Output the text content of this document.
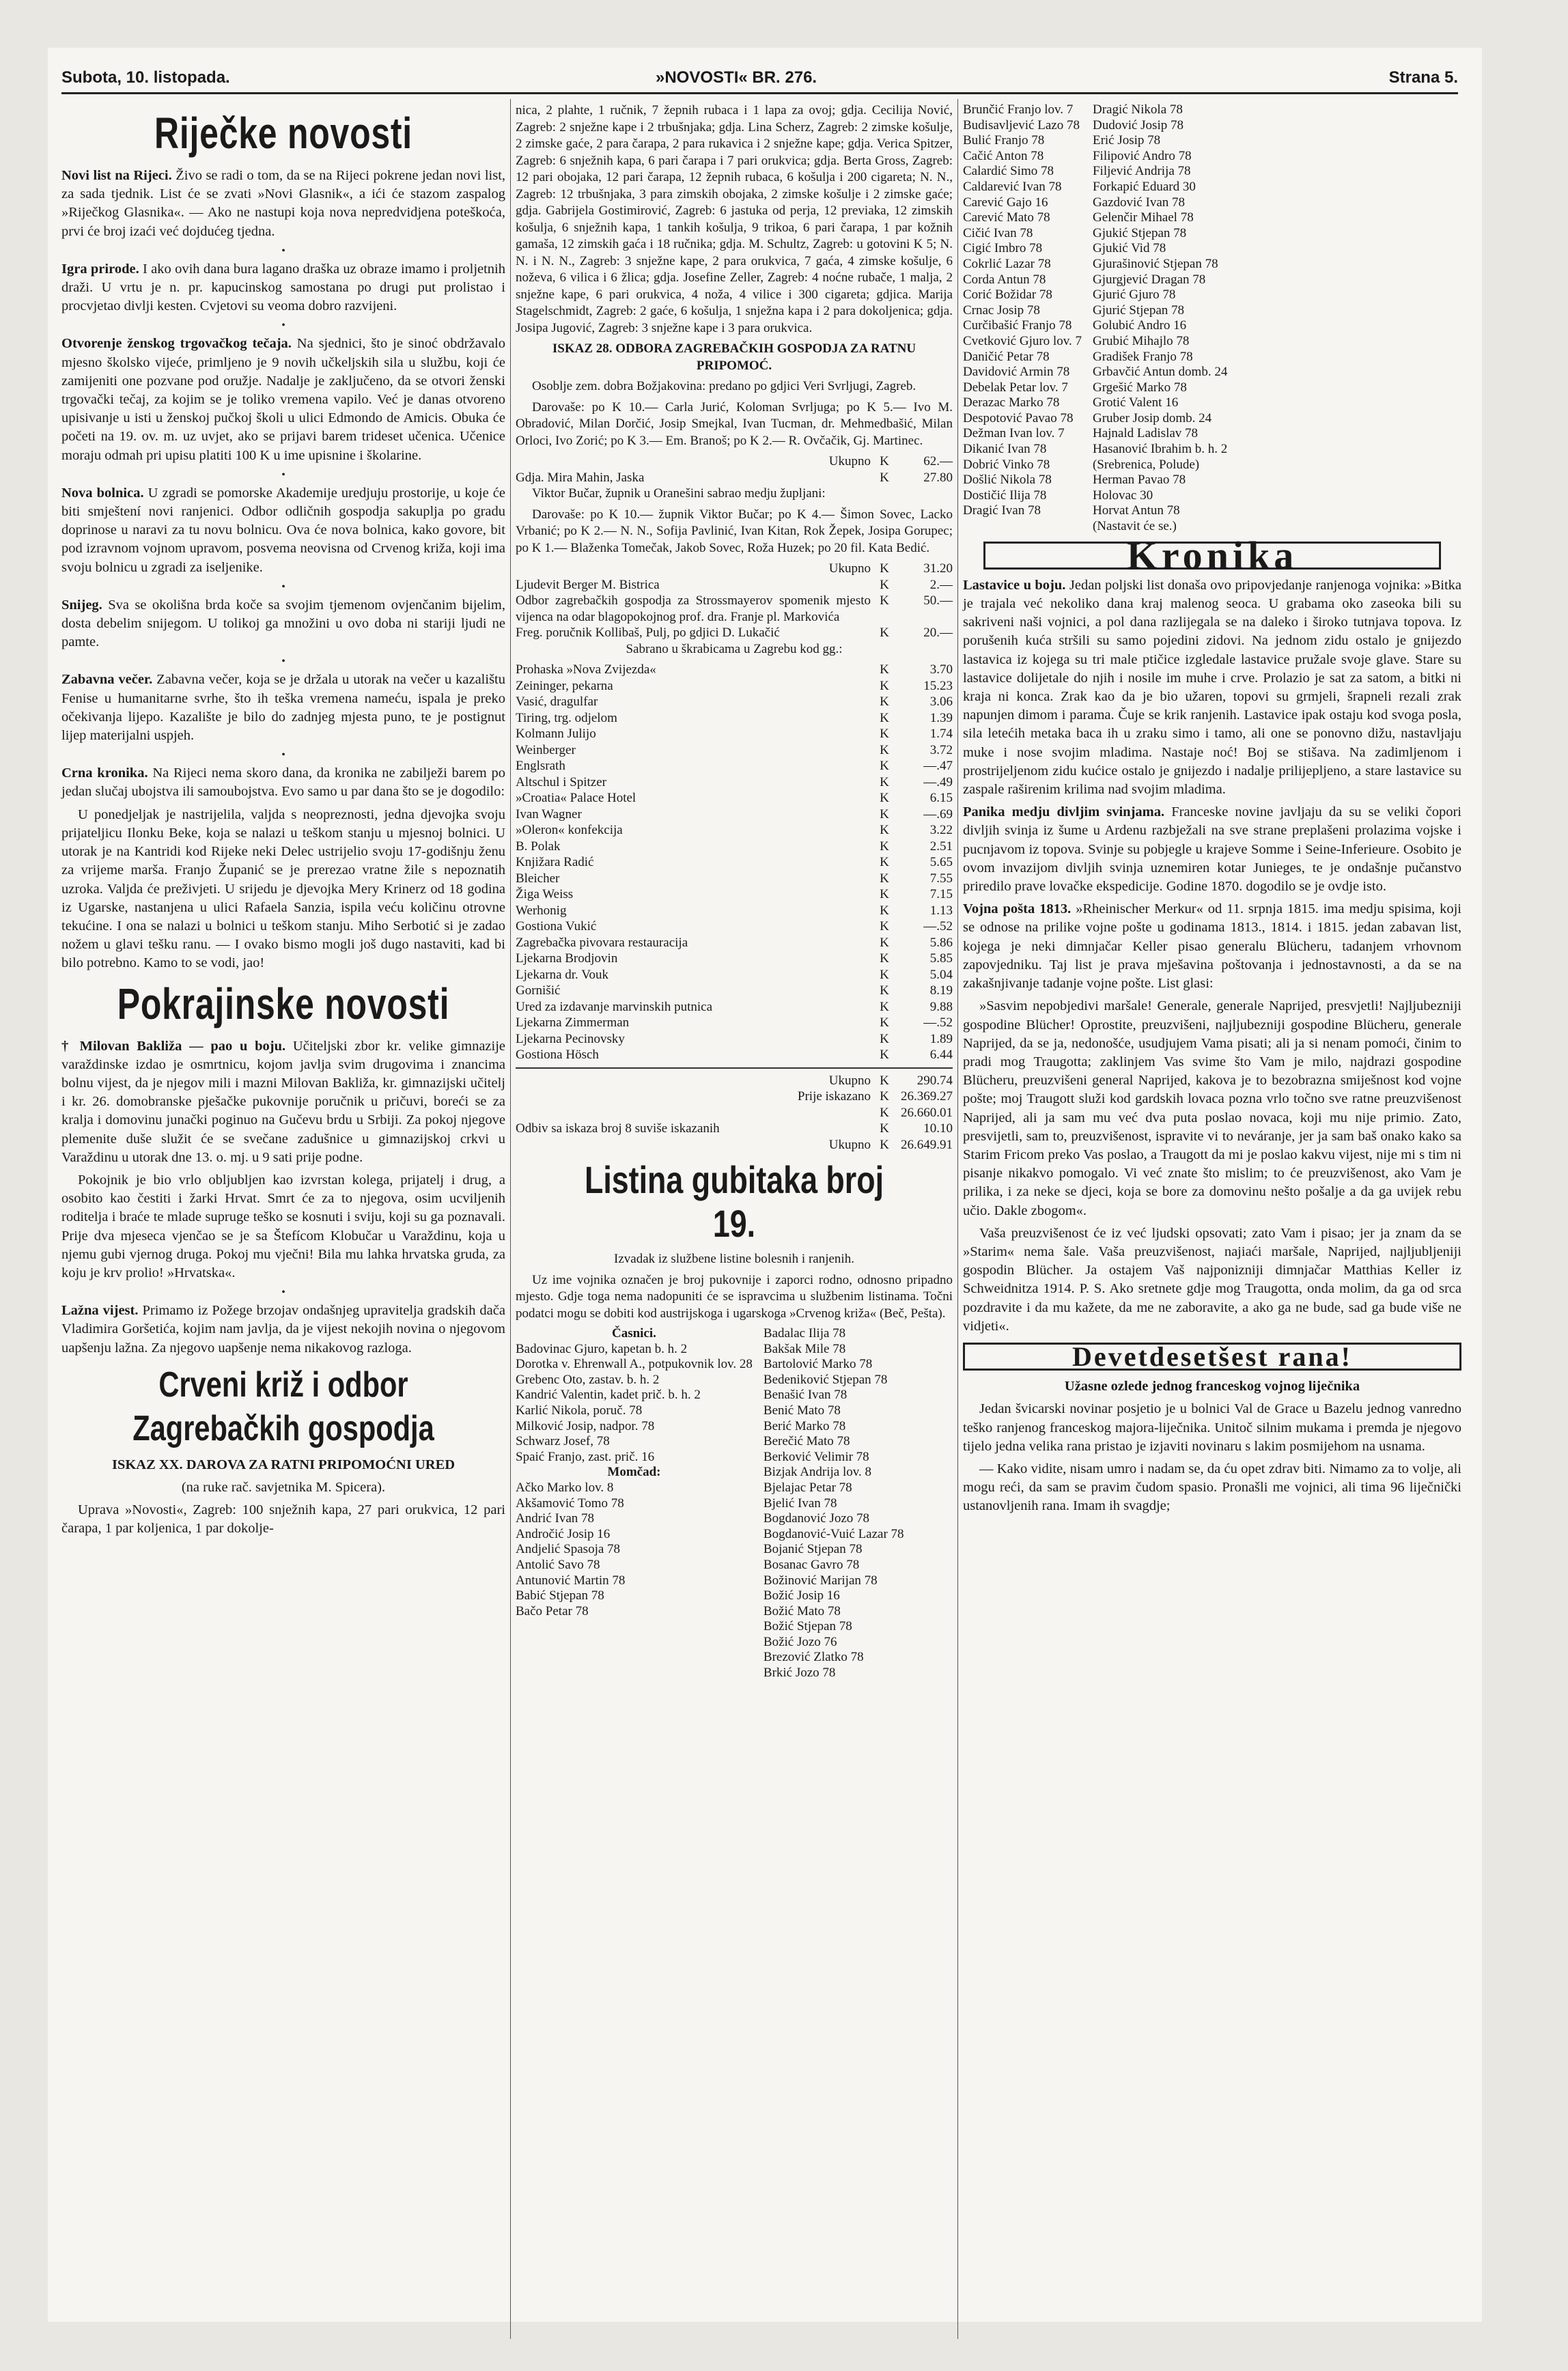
Subota, 10. listopada.	»NOVOSTI« BR. 276.	Strana 5.
Riječke novosti

Novi list na Rijeci. Živo se radi o tom, da se na Rijeci pokrene jedan novi list, za sada tjednik. List će se zvati »Novi Glasnik«, a ići će stazom zaspalog »Riječkog Glasnika«. — Ako ne nastupi koja nova nepredvidjena poteškoća, prvi će broj izaći već dojdućeg tjedna.

•

Igra prirode. I ako ovih dana bura lagano draška uz obraze imamo i proljetnih draži. U vrtu je n. pr. kapucinskog samostana po drugi put prolistao i procvjetao divlji kesten. Cvjetovi su veoma dobro razvijeni.

•

Otvorenje ženskog trgovačkog tečaja. Na sjednici, što je sinoć obdržavalo mjesno školsko vijeće, primljeno je 9 novih učkeljskih sila u službu, koji će zamijeniti one pozvane pod oružje. Nadalje je zaključeno, da se otvori ženski trgovački tečaj, za kojim se je toliko vremena vapilo. Već je danas otvoreno upisivanje u isti u ženskoj pučkoj školi u ulici Edmondo de Amicis. Obuka će početi na 19. ov. m. uz uvjet, ako se prijavi barem trideset učenica. Učenice moraju odmah pri upisu platiti 100 K u ime upisnine i školarine.

•

Nova bolnica. U zgradi se pomorske Akademije uredjuju prostorije, u koje će biti smještení novi ranjenici. Odbor odličnih gospodja sakuplja po gradu doprinose u naravi za tu novu bolnicu. Ova će nova bolnica, kako govore, bit pod izravnom vojnom upravom, posvema neovisna od Crvenog križa, koji ima svoju bolnicu u zgradi za iseljenike.

•

Snijeg. Sva se okolišna brda koče sa svojim tjemenom ovjenčanim bijelim, dosta debelim snijegom. U tolikoj ga množini u ovo doba ni stariji ljudi ne pamte.

•

Zabavna večer. Zabavna večer, koja se je držala u utorak na večer u kazalištu Fenise u humanitarne svrhe, što ih teška vremena nameću, ispala je preko očekivanja lijepo. Kazalište je bilo do zadnjeg mjesta puno, te je postignut lijep materijalni uspjeh.

•

Crna kronika. Na Rijeci nema skoro dana, da kronika ne zabilježi barem po jedan slučaj ubojstva ili samoubojstva. Evo samo u par dana što se je dogodilo:

U ponedjeljak je nastrijelila, valjda s neopreznosti, jedna djevojka svoju prijateljicu Ilonku Beke, koja se nalazi u teškom stanju u mjesnoj bolnici. U utorak je na Kantridi kod Rijeke neki Delec ustrijelio svoju 17-godišnju ženu za vrijeme marša. Franjo Županić se je prerezao vratne žile s nepoznatih uzroka. Valjda će preživjeti. U srijedu je djevojka Mery Krinerz od 18 godina iz Ugarske, nastanjena u ulici Rafaela Sanzia, ispila veću količinu otrovne tekućine. I ona se nalazi u bolnici u teškom stanju. Miho Serbotić si je zadao nožem u glavi tešku ranu. — I ovako bismo mogli još dugo nastaviti, kad bi bilo potrebno. Kamo to se vodi, jao!

Pokrajinske novosti

† Milovan Bakliža — pao u boju. Učiteljski zbor kr. velike gimnazije varaždinske izdao je osmrtnicu, kojom javlja svim drugovima i znancima bolnu vijest, da je njegov mili i mazni Milovan Bakliža, kr. gimnazijski učitelj i kr. 26. domobranske pješačke pukovnije poručnik u pričuvi, boreći se za kralja i domovinu junački poginuo na Gučevu brdu u Srbiji. Za pokoj njegove plemenite duše služit će se svečane zadušnice u gimnazijskoj crkvi u Varaždinu u utorak dne 13. o. mj. u 9 sati prije podne.

Pokojnik je bio vrlo obljubljen kao izvrstan kolega, prijatelj i drug, a osobito kao čestiti i žarki Hrvat. Smrt će za to njegova, osim ucviljenih roditelja i braće te mlade supruge teško se kosnuti i sviju, koji su ga poznavali. Prije dva mjeseca vjenčao se je sa Štefícom Klobučar u Varaždinu, koja u njemu gubi vjernog druga. Pokoj mu vječni! Bila mu lahka hrvatska gruda, za koju je krv prolio! »Hrvatska«.

•

Lažna vijest. Primamo iz Požege brzojav ondašnjeg upravitelja gradskih dača Vladimira Goršetića, kojim nam javlja, da je vijest nekojih novina o njegovom uapšenju lažna. Za njegovo uapšenje nema nikakovog razloga.

Crveni križ i odbor Zagrebačkih gospodja

ISKAZ XX. DAROVA ZA RATNI PRIPOMOĆNI URED

(na ruke rač. savjetnika M. Spicera).

Uprava »Novosti«, Zagreb: 100 snježnih kapa, 27 pari orukvica, 12 pari čarapa, 1 par koljenica, 1 par dokolje-

nica, 2 plahte, 1 ručnik, 7 žepnih rubaca i 1 lapa za ovoj; gdja. Cecilija Nović, Zagreb: 2 snježne kape i 2 trbušnjaka; gdja. Lina Scherz, Zagreb: 2 zimske košulje, 2 zimske gaće, 2 para čarapa, 2 para rukavica i 2 snježne kape; gdja. Verica Spitzer, Zagreb: 6 snježnih kapa, 6 pari čarapa i 7 pari orukvica; gdja. Berta Gross, Zagreb: 12 pari obojaka, 12 pari čarapa, 12 žepnih rubaca, 6 košulja i 200 cigareta; N. N., Zagreb: 12 trbušnjaka, 3 para zimskih obojaka, 2 zimske košulje i 2 zimske gaće; gdja. Gabrijela Gostimirović, Zagreb: 6 jastuka od perja, 12 previaka, 12 zimskih košulja, 6 snježnih kapa, 1 tankih košulja, 9 trikoa, 6 pari čarapa, 1 par kožnih gamaša, 12 zimskih gaća i 18 ručnika; gdja. M. Schultz, Zagreb: u gotovini K 5; N. N. i N. N., Zagreb: 3 snježne kape, 2 para orukvica, 7 gaća, 4 zimske košulje, 6 noževa, 6 vilica i 6 žlica; gdja. Josefine Zeller, Zagreb: 4 noćne rubače, 1 malja, 2 snježne kape, 6 pari orukvica, 4 noža, 4 vilice i 300 cigareta; gdjica. Marija Stagelschmidt, Zagreb: 2 gaće, 6 košulja, 1 snježna kapa i 2 para dokoljenica; gdja. Josipa Jugović, Zagreb: 3 snježne kape i 3 para orukvica.

ISKAZ 28. ODBORA ZAGREBAČKIH GOSPODJA ZA RATNU PRIPOMOĆ.

Osoblje zem. dobra Božjakovina: predano po gdjici Veri Svrljugi, Zagreb.

Darovaše: po K 10.— Carla Jurić, Koloman Svrljuga; po K 5.— Ivo M. Obradović, Milan Dorčić, Josip Smejkal, Ivan Tucman, dr. Mehmedbašić, Milan Orloci, Ivo Zorić; po K 3.— Em. Branoš; po K 2.— R. Ovčačik, Gj. Martinec.

Ukupno	K	62.—
Gdja. Mira Mahin, Jaska	K	27.80

Viktor Bučar, župnik u Oranešini sabrao medju župljani:

Darovaše: po K 10.— župnik Viktor Bučar; po K 4.— Šimon Sovec, Lacko Vrbanić; po K 2.— N. N., Sofija Pavlinić, Ivan Kitan, Rok Žepek, Josipa Gorupec; po K 1.— Blaženka Tomečak, Jakob Sovec, Roža Huzek; po 20 fil. Kata Bedić.

Ukupno	K	31.20
Ljudevit Berger M. Bistrica	K	2.—
Odbor zagrebačkih gospodja za Strossmayerov spomenik mjesto vijenca na odar blagopokojnog prof. dra. Franje pl. Markovića	K	50.—
Freg. poručnik Kollibaš, Pulj, po gdjici D. Lukačić	K	20.—

Sabrano u škrabicama u Zagrebu kod gg.:

Prohaska »Nova Zvijezda«	K	3.70
Zeininger, pekarna	K	15.23
Vasić, dragulfar	K	3.06
Tiring, trg. odjelom	K	1.39
Kolmann Julijo	K	1.74
Weinberger	K	3.72
Englsrath	K	—.47
Altschul i Spitzer	K	—.49
»Croatia« Palace Hotel	K	6.15
Ivan Wagner	K	—.69
»Oleron« konfekcija	K	3.22
B. Polak	K	2.51
Knjižara Radić	K	5.65
Bleicher	K	7.55
Žiga Weiss	K	7.15
Werhonig	K	1.13
Gostiona Vukić	K	—.52
Zagrebačka pivovara restauracija	K	5.86
Ljekarna Brodjovin	K	5.85
Ljekarna dr. Vouk	K	5.04
Gornišić	K	8.19
Ured za izdavanje marvinskih putnica	K	9.88
Ljekarna Zimmerman	K	—.52
Ljekarna Pecinovsky	K	1.89
Gostiona Hösch	K	6.44
Ukupno	K	290.74
Prije iskazano	K	26.369.27
	K	26.660.01
Odbiv sa iskaza broj 8 suviše iskazanih	K	10.10
Ukupno	K	26.649.91
Listina gubitaka broj 19.

Izvadak iz službene listine bolesnih i ranjenih.

Uz ime vojnika označen je broj pukovnije i zaporci rodno, odnosno pripadno mjesto. Gdje toga nema nadopuniti će se ispravcima u službenim listinama. Točni podatci mogu se dobiti kod austrijskoga i ugarskoga »Crvenog križa« (Beč, Pešta).

Časnici.
Badovinac Gjuro, kapetan b. h. 2
Dorotka v. Ehrenwall A., potpukovnik lov. 28
Grebenc Oto, zastav. b. h. 2
Kandrić Valentin, kadet prič. b. h. 2
Karlić Nikola, poruč. 78
Milković Josip, nadpor. 78
Schwarz Josef, 78
Spaić Franjo, zast. prič. 16
Momčad:
Ačko Marko lov. 8
Akšamović Tomo 78
Andrić Ivan 78
Andročić Josip 16
Andjelić Spasoja 78
Antolić Savo 78
Antunović Martin 78
Babić Stjepan 78
Bačo Petar 78

Badalac Ilija 78
Bakšak Mile 78
Bartolović Marko 78
Bedeniković Stjepan 78
Benašić Ivan 78
Benić Mato 78
Berić Marko 78
Berečić Mato 78
Berković Velimir 78
Bizjak Andrija lov. 8
Bjelajac Petar 78
Bjelić Ivan 78
Bogdanović Jozo 78
Bogdanović-Vuić Lazar 78
Bojanić Stjepan 78
Bosanac Gavro 78
Božinović Marijan 78
Božić Josip 16
Božić Mato 78
Božić Stjepan 78
Božić Jozo 76
Brezović Zlatko 78
Brkić Jozo 78
Brunčić Franjo lov. 7
Budisavljević Lazo 78
Bulić Franjo 78
Cačić Anton 78
Calardić Simo 78
Caldarević Ivan 78
Carević Gajo 16
Carević Mato 78
Cičić Ivan 78
Cigić Imbro 78
Cokrlić Lazar 78
Corda Antun 78
Corić Božidar 78
Crnac Josip 78
Curčibašić Franjo 78
Cvetković Gjuro lov. 7
Daničić Petar 78
Davidović Armin 78
Debelak Petar lov. 7
Derazac Marko 78
Despotović Pavao 78
Dežman Ivan lov. 7
Dikanić Ivan 78
Dobrić Vinko 78
Došlić Nikola 78
Dostičić Ilija 78
Dragić Ivan 78

Dragić Nikola 78
Dudović Josip 78
Erić Josip 78
Filipović Andro 78
Filjević Andrija 78
Forkapić Eduard 30
Gazdović Ivan 78
Gelenčir Mihael 78
Gjukić Stjepan 78
Gjukić Vid 78
Gjurašinović Stjepan 78
Gjurgjević Dragan 78
Gjurić Gjuro 78
Gjurić Stjepan 78
Golubić Andro 16
Grubić Mihajlo 78
Gradišek Franjo 78
Grbavčić Antun domb. 24
Grgešić Marko 78
Grotić Valent 16
Gruber Josip domb. 24
Hajnald Ladislav 78
Hasanović Ibrahim b. h. 2
(Srebrenica, Polude)
Herman Pavao 78
Holovac 30
Horvat Antun 78
(Nastavit će se.)
Kronika

Lastavice u boju. Jedan poljski list donaša ovo pripovjedanje ranjenoga vojnika: »Bitka je trajala već nekoliko dana kraj malenog seoca. U grabama oko zaseoka bili su sakriveni naši vojnici, a pol dana razlijegala se na daleko i široko tutnjava topova. Iz porušenih kuća stršili su samo pojedini zidovi. Na jednom zidu ostalo je gnijezdo lastavica iz kojega su tri male ptičice izgledale lastavice pružale svoje glave. Stare su lastavice dolijetale do njih i nosile im muhe i crve. Prolazio je sat za satom, a bitki ni kraja ni konca. Zrak kao da je bio užaren, topovi su grmjeli, šrapneli rezali zrak napunjen dimom i parama. Čuje se krik ranjenih. Lastavice ipak ostaju kod svoga posla, sila letećih metaka baca ih u zraku simo i tamo, ali one se ponovno dižu, nastavljaju muke i nose svojim mladima. Nastaje noć! Boj se stišava. Na zadimljenom i prostrijeljenom zidu kućice ostalo je gnijezdo i nadalje prilijepljeno, a stare lastavice su zaspale raširenim krilima nad svojim mladima.

Panika medju divljim svinjama. Franceske novine javljaju da su se veliki čopori divljih svinja iz šume u Ardenu razbježali na sve strane preplašeni prolazima vojske i pucnjavom iz topova. Svinje su pobjegle u krajeve Somme i Seine-Inferieure. Osobito je ovom invazijom divljih svinja uznemiren kotar Junieges, te je ondašnje pučanstvo priredilo prave lovačke ekspedicije. Godine 1870. dogodilo se je ovdje isto.

Vojna pošta 1813. »Rheinischer Merkur« od 11. srpnja 1815. ima medju spisima, koji se odnose na prilike vojne pošte u godinama 1813., 1814. i 1815. jedan zabavan list, kojega je neki dimnjačar Keller pisao generalu Blücheru, tadanjem vrhovnom zapovjedniku. Taj list je prava mješavina poštovanja i jednostavnosti, a da se na zakašnjivanje tadanje vojne pošte. List glasi:

»Sasvim nepobjedivi maršale! Generale, generale Naprijed, presvjetli! Najljubezniji gospodine Blücher! Oprostite, preuzvišeni, najljubezniji gospodine Blücheru, generale Naprijed, da se ja, nedonošće, usudjujem Vama pisati; ali ja si nenam pomoći, činim to pradi mog Traugotta; zaklinjem Vas svime što Vam je milo, najdrazi gospodine Blücheru, preuzvišeni general Naprijed, kakova je to bezobrazna smiješnost kod vojne pošte; moj Traugott služi kod gardskih lovaca pozna vrlo točno sve ratne preuzvišenost Naprijed, ali ja sam mu već dva puta poslao novaca, koji mu nije primio. Zato, presvijetli, sam to, preuzvišenost, ispravite vi to neváranje, jer ja sam baš onako kako sa Starim Fricom preko Vas poslao, a Traugott da mi je poslao kakvu vijest, nije mi s tim ni pisanje nikakvo pomogalo. Vi već znate što mislim; to će preuzvišenost, ako Vam je prilika, i za neke se djeci, koja se bore za domovinu nešto pošalje a da ga uvijek rebu učio. Dakle zbogom«.

Vaša preuzvišenost će iz već ljudski opsovati; zato Vam i pisao; jer ja znam da se »Starim« nema šale. Vaša preuzvišenost, najiaći maršale, Naprijed, najljubljeniji gospodin Blücher. Ja ostajem Vaš najponizniji dimnjačar Matthias Keller iz Schweidnitza 1914. P. S. Ako sretnete gdje mog Traugotta, onda molim, da ga od srca pozdravite i da mu kažete, da me ne zaboravite, a ako ga ne bude, sad ga bude više ne vidjeti«.

Devetdesetšest rana!

Užasne ozlede jednog franceskog vojnog liječnika

Jedan švicarski novinar posjetio je u bolnici Val de Grace u Bazelu jednog vanredno teško ranjenog franceskog majora-liječnika. Unitoč silnim mukama i premda je njegovo tijelo jedna velika rana pristao je izjaviti novinaru s lakim posmijehom na usnama.

— Kako vidite, nisam umro i nadam se, da ću opet zdrav biti. Nimamo za to volje, ali mogu reći, da sam se pravim čudom spasio. Pronašli me vojnici, ali tima 96 liječnički ustanovljenih rana. Imam ih svagdje;
